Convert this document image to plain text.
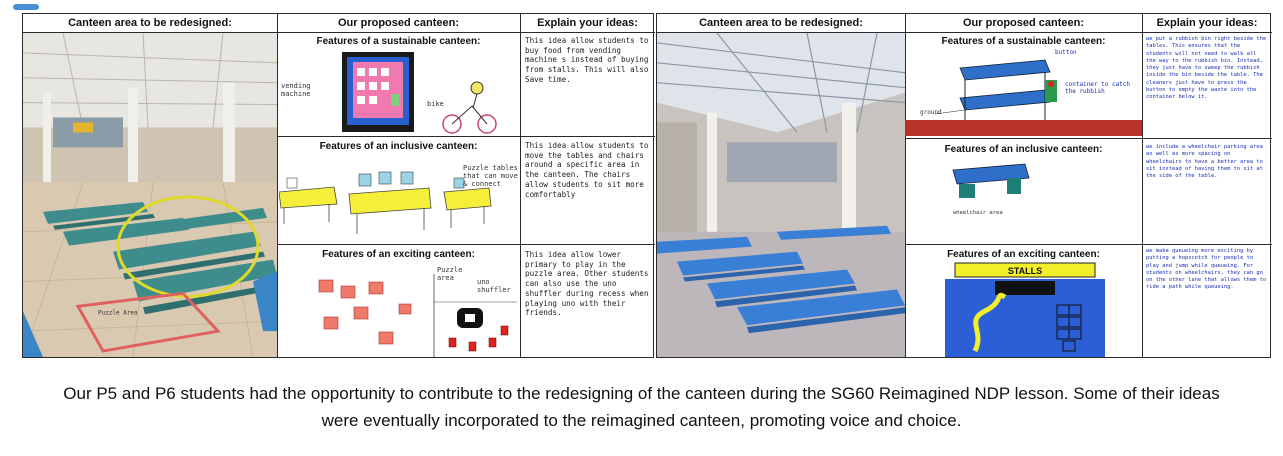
Canteen area to be redesigned:
Puzzle Area
Our proposed canteen:
Features of a sustainable canteen:
vending machine
bike
Features of an inclusive canteen:
Puzzle tables that can move & connect
Features of an exciting canteen:
Puzzle area	uno shuffler
Explain your ideas:
This idea allow students to buy food from vending machine s instead of buying from stalls. This will also Save time.
This idea allow students to move the tables and chairs around a specific area in the canteen. The chairs allow students to sit more comfortably
This idea allow lower primary to play in the puzzle area. Other students can also use the uno shuffler during recess when playing uno with their friends.
Canteen area to be redesigned:	Our proposed canteen:
Features of a sustainable canteen:
button
container to catch the rubbish
ground
Features of an inclusive canteen:
wheelchair area
Features of an exciting canteen:
STALLS
Explain your ideas:
we put a rubbish bin right beside the tables. This ensures that the students will not need to walk all the way to the rubbish bin. Instead, they just have to sweep the rubbish inside the bin beside the table. The cleaners just have to press the button to empty the waste into the container below it.
we include a wheelchair parking area as well as more spacing on wheelchairs to have a better area to sit instead of having them to sit at the side of the table.
we make queueing more exciting by putting a hopscotch for people to play and jump while queueing. For students on wheelchairs, they can go on the other lane that allows them to ride a path while queueing.
Our P5 and P6 students had the opportunity to contribute to the redesigning of the canteen during the SG60 Reimagined NDP lesson. Some of their ideas were eventually incorporated to the reimagined canteen, promoting voice and choice.
